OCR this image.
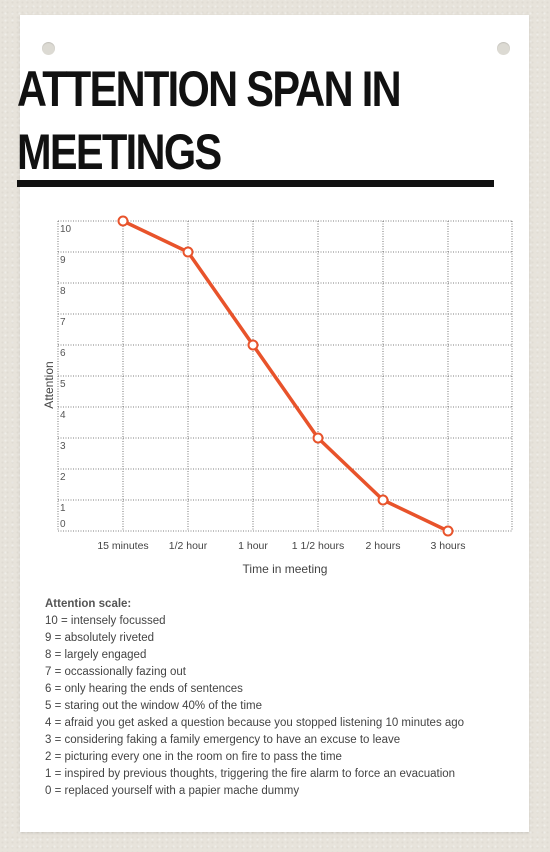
ATTENTION SPAN IN MEETINGS
0
1
2
3
4
5
6
7
8
9
10
15 minutes 1/2 hour	1 hour 1 1/2 hours 2 hours	3 hours
Time in meeting
Attention
Attention scale:
10 = intensely focussed
9 = absolutely riveted
8 = largely engaged
7 = occassionally fazing out
6 = only hearing the ends of sentences
5 = staring out the window 40% of the time
4 = afraid you get asked a question because you stopped listening 10 minutes ago
3 = considering faking a family emergency to have an excuse to leave
2 = picturing every one in the room on fire to pass the time
1 = inspired by previous thoughts, triggering the fire alarm to force an evacuation
0 = replaced yourself with a papier mache dummy
